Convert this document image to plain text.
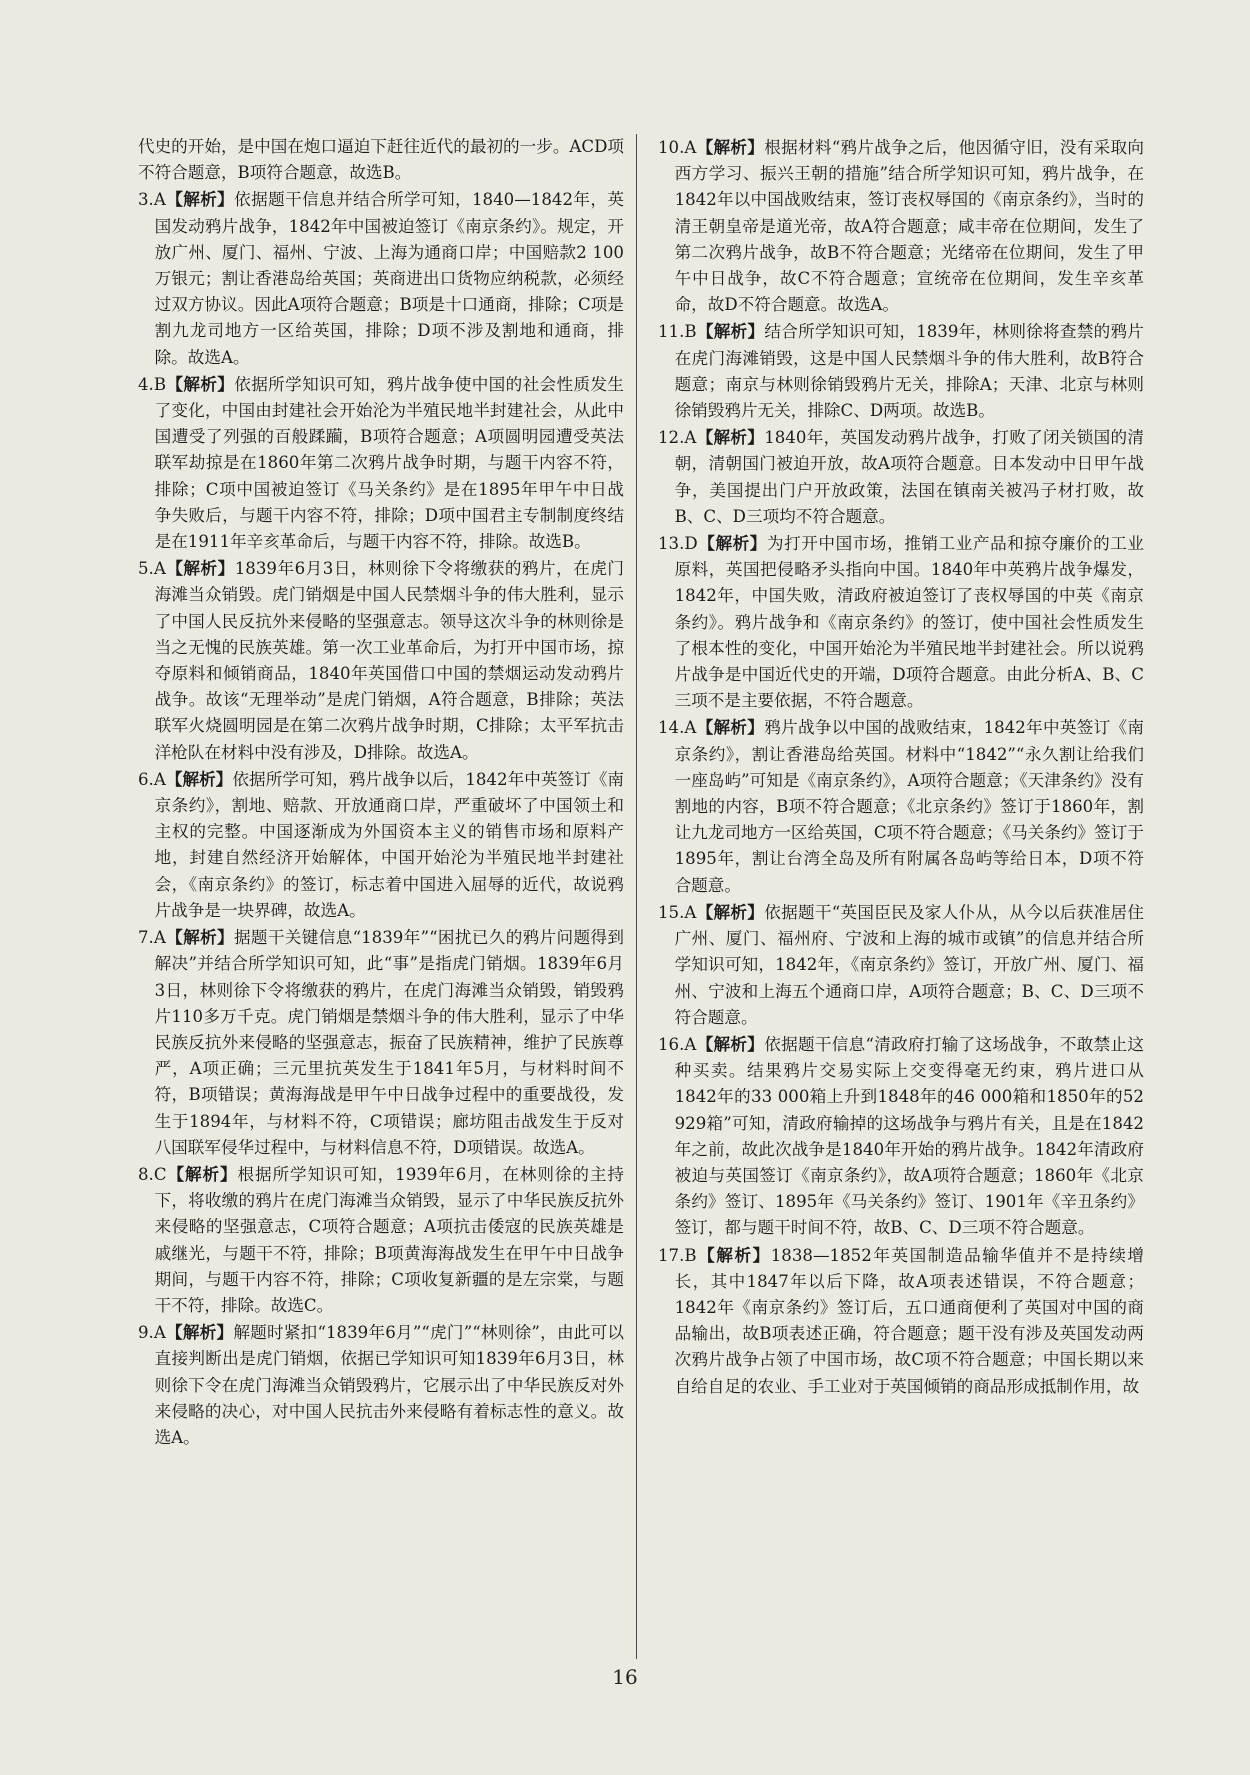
代史的开始，是中国在炮口逼迫下赶往近代的最初的一步。ACD项不符合题意，B项符合题意，故选B。

3.A【解析】依据题干信息并结合所学可知，1840—1842年，英国发动鸦片战争，1842年中国被迫签订《南京条约》。规定，开放广州、厦门、福州、宁波、上海为通商口岸；中国赔款2 100万银元；割让香港岛给英国；英商进出口货物应纳税款，必须经过双方协议。因此A项符合题意；B项是十口通商，排除；C项是割九龙司地方一区给英国，排除；D项不涉及割地和通商，排除。故选A。

4.B【解析】依据所学知识可知，鸦片战争使中国的社会性质发生了变化，中国由封建社会开始沦为半殖民地半封建社会，从此中国遭受了列强的百般蹂躏，B项符合题意；A项圆明园遭受英法联军劫掠是在1860年第二次鸦片战争时期，与题干内容不符，排除；C项中国被迫签订《马关条约》是在1895年甲午中日战争失败后，与题干内容不符，排除；D项中国君主专制制度终结是在1911年辛亥革命后，与题干内容不符，排除。故选B。

5.A【解析】1839年6月3日，林则徐下令将缴获的鸦片，在虎门海滩当众销毁。虎门销烟是中国人民禁烟斗争的伟大胜利，显示了中国人民反抗外来侵略的坚强意志。领导这次斗争的林则徐是当之无愧的民族英雄。第一次工业革命后，为打开中国市场，掠夺原料和倾销商品，1840年英国借口中国的禁烟运动发动鸦片战争。故该“无理举动”是虎门销烟，A符合题意，B排除；英法联军火烧圆明园是在第二次鸦片战争时期，C排除；太平军抗击洋枪队在材料中没有涉及，D排除。故选A。

6.A【解析】依据所学可知，鸦片战争以后，1842年中英签订《南京条约》，割地、赔款、开放通商口岸，严重破坏了中国领土和主权的完整。中国逐渐成为外国资本主义的销售市场和原料产地，封建自然经济开始解体，中国开始沦为半殖民地半封建社会，《南京条约》的签订，标志着中国进入屈辱的近代，故说鸦片战争是一块界碑，故选A。

7.A【解析】据题干关键信息“1839年”“困扰已久的鸦片问题得到解决”并结合所学知识可知，此“事”是指虎门销烟。1839年6月3日，林则徐下令将缴获的鸦片，在虎门海滩当众销毁，销毁鸦片110多万千克。虎门销烟是禁烟斗争的伟大胜利，显示了中华民族反抗外来侵略的坚强意志，振奋了民族精神，维护了民族尊严，A项正确；三元里抗英发生于1841年5月，与材料时间不符，B项错误；黄海海战是甲午中日战争过程中的重要战役，发生于1894年，与材料不符，C项错误；廊坊阻击战发生于反对八国联军侵华过程中，与材料信息不符，D项错误。故选A。

8.C【解析】根据所学知识可知，1939年6月，在林则徐的主持下，将收缴的鸦片在虎门海滩当众销毁，显示了中华民族反抗外来侵略的坚强意志，C项符合题意；A项抗击倭寇的民族英雄是戚继光，与题干不符，排除；B项黄海海战发生在甲午中日战争期间，与题干内容不符，排除；C项收复新疆的是左宗棠，与题干不符，排除。故选C。

9.A【解析】解题时紧扣“1839年6月”“虎门”“林则徐”，由此可以直接判断出是虎门销烟，依据已学知识可知1839年6月3日，林则徐下令在虎门海滩当众销毁鸦片，它展示出了中华民族反对外来侵略的决心，对中国人民抗击外来侵略有着标志性的意义。故选A。

10.A【解析】根据材料“鸦片战争之后，他因循守旧，没有采取向西方学习、振兴王朝的措施”结合所学知识可知，鸦片战争，在1842年以中国战败结束，签订丧权辱国的《南京条约》，当时的清王朝皇帝是道光帝，故A符合题意；咸丰帝在位期间，发生了第二次鸦片战争，故B不符合题意；光绪帝在位期间，发生了甲午中日战争，故C不符合题意；宣统帝在位期间，发生辛亥革命，故D不符合题意。故选A。

11.B【解析】结合所学知识可知，1839年，林则徐将查禁的鸦片在虎门海滩销毁，这是中国人民禁烟斗争的伟大胜利，故B符合题意；南京与林则徐销毁鸦片无关，排除A；天津、北京与林则徐销毁鸦片无关，排除C、D两项。故选B。

12.A【解析】1840年，英国发动鸦片战争，打败了闭关锁国的清朝，清朝国门被迫开放，故A项符合题意。日本发动中日甲午战争，美国提出门户开放政策，法国在镇南关被冯子材打败，故B、C、D三项均不符合题意。

13.D【解析】为打开中国市场，推销工业产品和掠夺廉价的工业原料，英国把侵略矛头指向中国。1840年中英鸦片战争爆发，1842年，中国失败，清政府被迫签订了丧权辱国的中英《南京条约》。鸦片战争和《南京条约》的签订，使中国社会性质发生了根本性的变化，中国开始沦为半殖民地半封建社会。所以说鸦片战争是中国近代史的开端，D项符合题意。由此分析A、B、C三项不是主要依据，不符合题意。

14.A【解析】鸦片战争以中国的战败结束，1842年中英签订《南京条约》，割让香港岛给英国。材料中“1842”“永久割让给我们一座岛屿”可知是《南京条约》，A项符合题意；《天津条约》没有割地的内容，B项不符合题意；《北京条约》签订于1860年，割让九龙司地方一区给英国，C项不符合题意；《马关条约》签订于1895年，割让台湾全岛及所有附属各岛屿等给日本，D项不符合题意。

15.A【解析】依据题干“英国臣民及家人仆从，从今以后获准居住广州、厦门、福州府、宁波和上海的城市或镇”的信息并结合所学知识可知，1842年，《南京条约》签订，开放广州、厦门、福州、宁波和上海五个通商口岸，A项符合题意；B、C、D三项不符合题意。

16.A【解析】依据题干信息“清政府打输了这场战争，不敢禁止这种买卖。结果鸦片交易实际上交变得毫无约束，鸦片进口从1842年的33 000箱上升到1848年的46 000箱和1850年的52 929箱”可知，清政府输掉的这场战争与鸦片有关，且是在1842年之前，故此次战争是1840年开始的鸦片战争。1842年清政府被迫与英国签订《南京条约》，故A项符合题意；1860年《北京条约》签订、1895年《马关条约》签订、1901年《辛丑条约》签订，都与题干时间不符，故B、C、D三项不符合题意。

17.B【解析】1838—1852年英国制造品输华值并不是持续增长，其中1847年以后下降，故A项表述错误，不符合题意；1842年《南京条约》签订后，五口通商便利了英国对中国的商品输出，故B项表述正确，符合题意；题干没有涉及英国发动两次鸦片战争占领了中国市场，故C项不符合题意；中国长期以来自给自足的农业、手工业对于英国倾销的商品形成抵制作用，故

16
